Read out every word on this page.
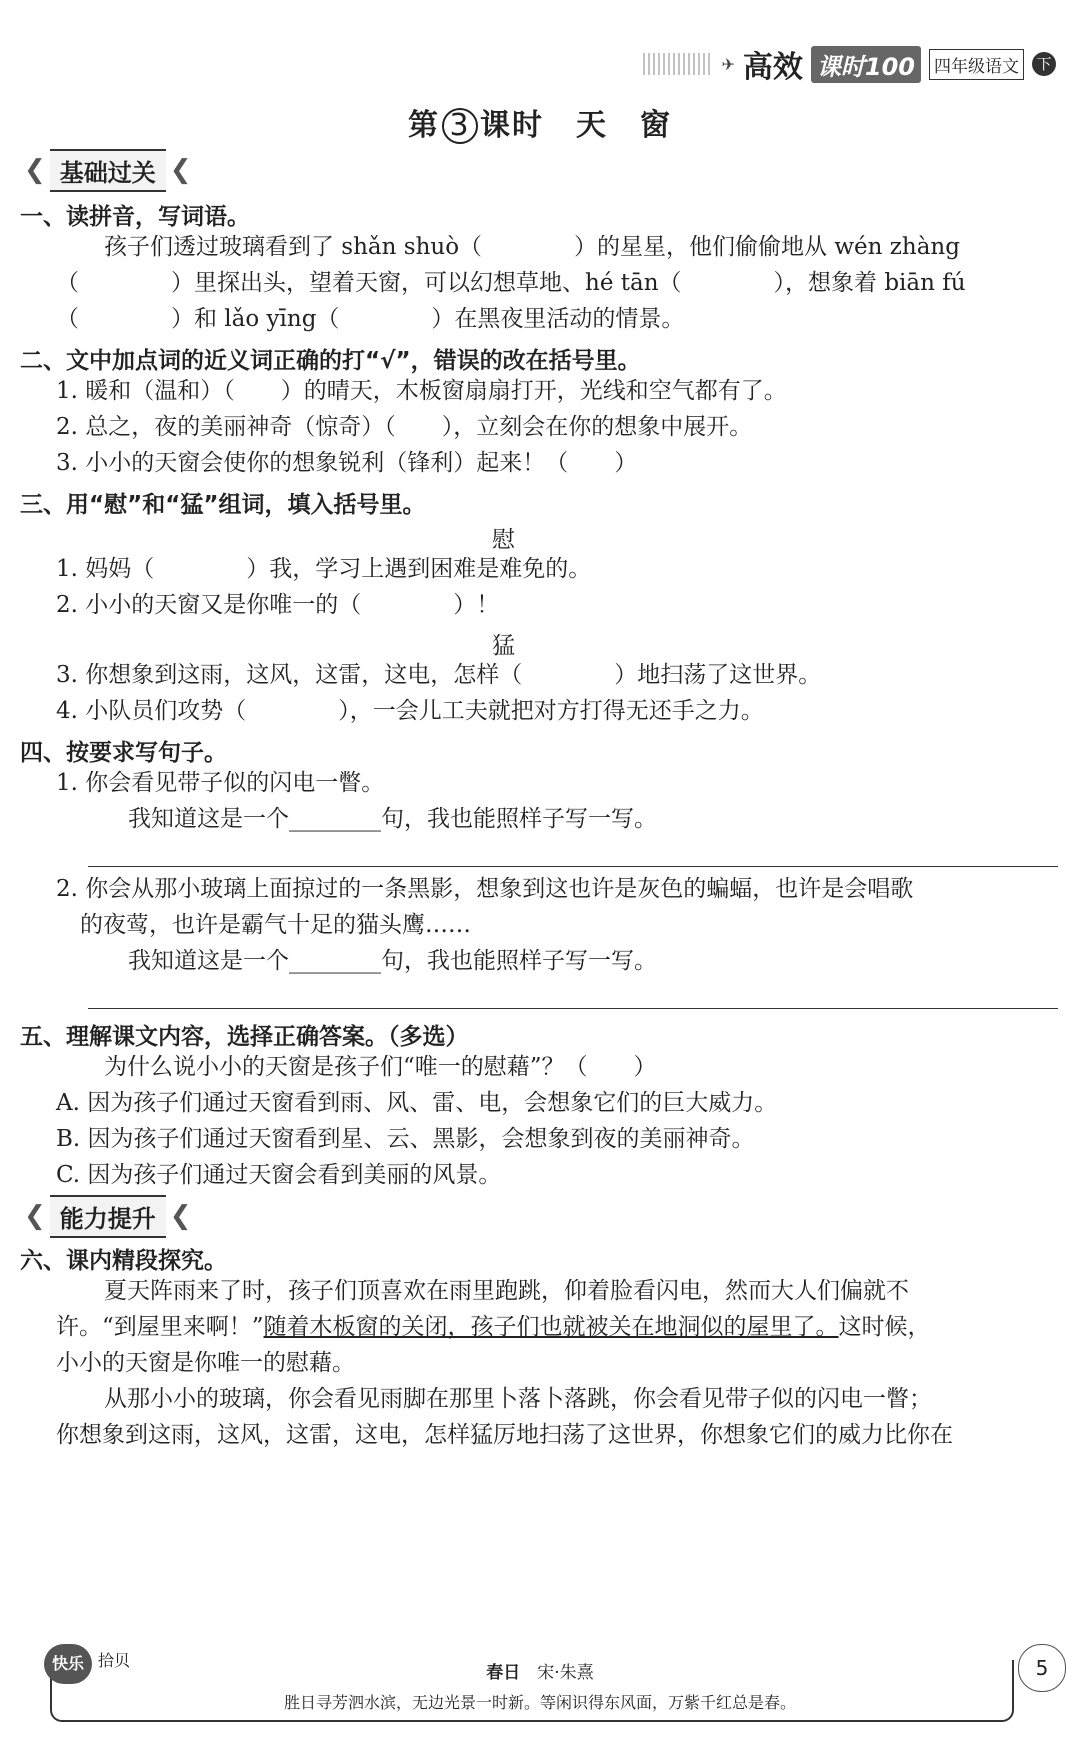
✈ 高效 课时100	四年级语文	下
第 3 课时　 天　窗
❮ 基础过关 ❮
一、读拼音，写词语。
孩子们透过玻璃看到了 shǎn shuò（　　　　）的星星，他们偷偷地从 wén zhàng
（　　　　）里探出头，望着天窗，可以幻想草地、hé tān（　　　　），想象着 biān fú
（　　　　）和 lǎo yīng（　　　　）在黑夜里活动的情景。
二、文中加点词的近义词正确的打“√”，错误的改在括号里。
1. 暖和（温和）（　　）的晴天，木板窗扇扇打开，光线和空气都有了。
2. 总之，夜的美丽神奇（惊奇）（　　），立刻会在你的想象中展开。
3. 小小的天窗会使你的想象锐利（锋利）起来！（　　）
三、用“慰”和“猛”组词，填入括号里。
慰
1. 妈妈（　　　　）我，学习上遇到困难是难免的。
2. 小小的天窗又是你唯一的（　　　　）！
猛
3. 你想象到这雨，这风，这雷，这电，怎样（　　　　）地扫荡了这世界。
4. 小队员们攻势（　　　　），一会儿工夫就把对方打得无还手之力。
四、按要求写句子。
1. 你会看见带子似的闪电一瞥。
我知道这是一个________句，我也能照样子写一写。
2. 你会从那小玻璃上面掠过的一条黑影，想象到这也许是灰色的蝙蝠，也许是会唱歌
的夜莺，也许是霸气十足的猫头鹰……
我知道这是一个________句，我也能照样子写一写。
五、理解课文内容，选择正确答案。（多选）
为什么说小小的天窗是孩子们“唯一的慰藉”？（　　）
A. 因为孩子们通过天窗看到雨、风、雷、电，会想象它们的巨大威力。
B. 因为孩子们通过天窗看到星、云、黑影，会想象到夜的美丽神奇。
C. 因为孩子们通过天窗会看到美丽的风景。
❮ 能力提升 ❮
六、课内精段探究。
夏天阵雨来了时，孩子们顶喜欢在雨里跑跳，仰着脸看闪电，然而大人们偏就不
许。“到屋里来啊！”随着木板窗的关闭，孩子们也就被关在地洞似的屋里了。这时候，
小小的天窗是你唯一的慰藉。
从那小小的玻璃，你会看见雨脚在那里卜落卜落跳，你会看见带子似的闪电一瞥；
你想象到这雨，这风，这雷，这电，怎样猛厉地扫荡了这世界，你想象它们的威力比你在
快乐 拾贝
春日　 宋·朱熹
胜日寻芳泗水滨，无边光景一时新。等闲识得东风面，万紫千红总是春。
5
